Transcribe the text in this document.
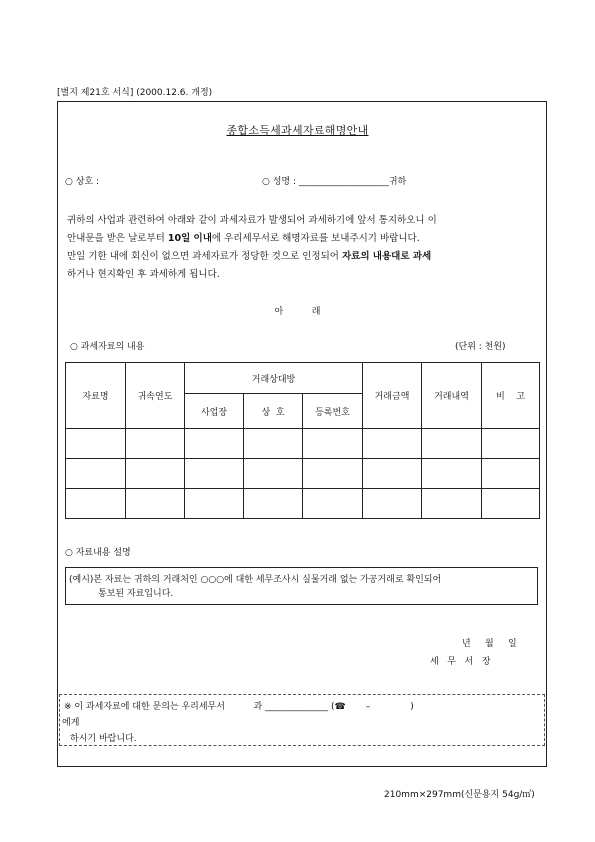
[별지 제21호 서식] (2000.12.6. 개정)
종합소득세과세자료해명안내
○ 상호 :	○ 성명 : ____________________귀하
귀하의 사업과 관련하여 아래와 같이 과세자료가 발생되어 과세하기에 앞서 통지하오니 이
안내문을 받은 날로부터 10일 이내에 우리세무서로 해명자료를 보내주시기 바랍니다.
만일 기한 내에 회신이 없으면 과세자료가 정당한 것으로 인정되어 자료의 내용대로 과세
하거나 현지확인 후 과세하게 됩니다.
아          래
○ 과세자료의 내용	(단위 : 천원)
자료명	귀속연도	거래상대방			거래금액	거래내역	비    고
		사업장	상  호	등록번호			

○ 자료내용 설명
(예시)본 자료는 귀하의 거래처인 ○○○에 대한 세무조사시 실물거래 없는 가공거래로 확인되어
통보된 자료입니다.
년     월     일
세   무   서   장
※ 이 과세자료에 대한 문의는 우리세무서          과 ______________ (☎       –              )
에게
하시기 바랍니다.
210mm×297mm(신문용지 54g/㎡)
